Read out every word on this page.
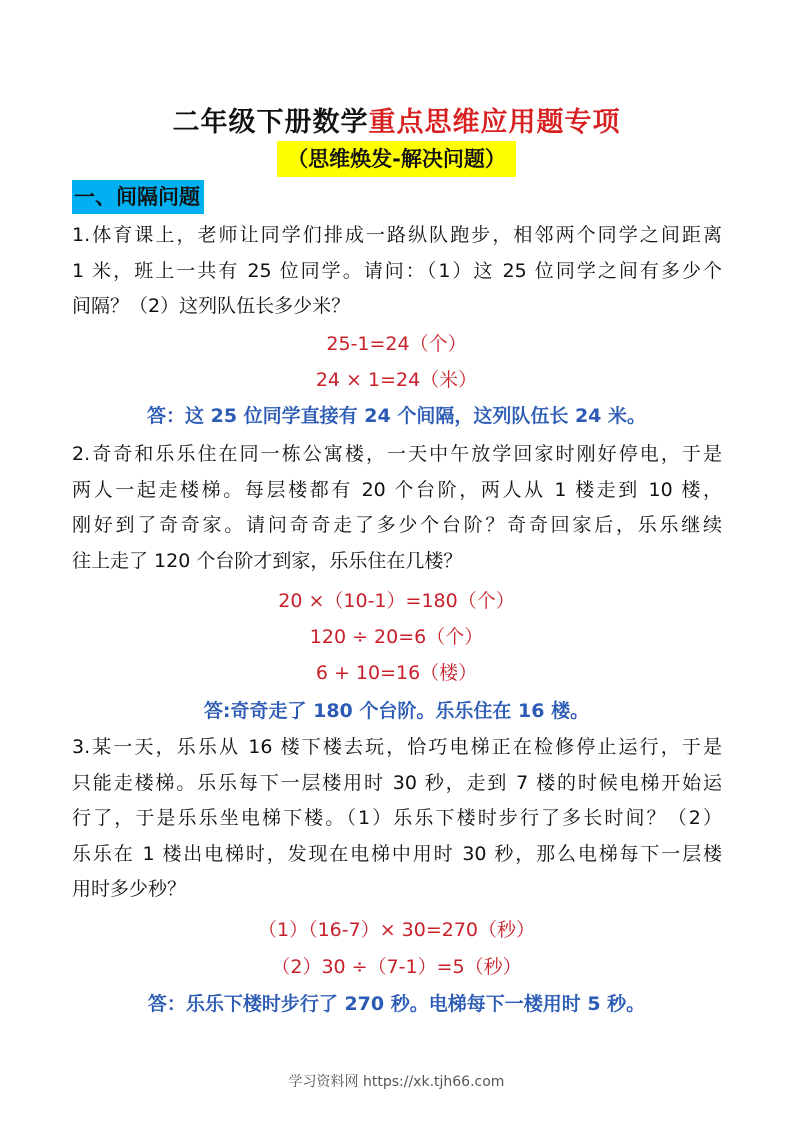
二年级下册数学重点思维应用题专项
（思维焕发-解决问题）
一、间隔问题
1.体育课上，老师让同学们排成一路纵队跑步，相邻两个同学之间距离
1 米，班上一共有 25 位同学。请问：（1）这 25 位同学之间有多少个
间隔？（2）这列队伍长多少米？
25-1=24（个）
24 × 1=24（米）
答：这 25 位同学直接有 24 个间隔，这列队伍长 24 米。
2.奇奇和乐乐住在同一栋公寓楼，一天中午放学回家时刚好停电，于是
两人一起走楼梯。每层楼都有 20 个台阶，两人从 1 楼走到 10 楼，
刚好到了奇奇家。请问奇奇走了多少个台阶？奇奇回家后，乐乐继续
往上走了 120 个台阶才到家，乐乐住在几楼？
20 ×（10-1）=180（个）
120 ÷ 20=6（个）
6 + 10=16（楼）
答:奇奇走了 180 个台阶。乐乐住在 16 楼。
3.某一天，乐乐从 16 楼下楼去玩，恰巧电梯正在检修停止运行，于是
只能走楼梯。乐乐每下一层楼用时 30 秒，走到 7 楼的时候电梯开始运
行了，于是乐乐坐电梯下楼。（1）乐乐下楼时步行了多长时间？（2）
乐乐在 1 楼出电梯时，发现在电梯中用时 30 秒，那么电梯每下一层楼
用时多少秒？
（1）（16-7）× 30=270（秒）
（2）30 ÷（7-1）=5（秒）
答：乐乐下楼时步行了 270 秒。电梯每下一楼用时 5 秒。
学习资料网 https://xk.tjh66.com
